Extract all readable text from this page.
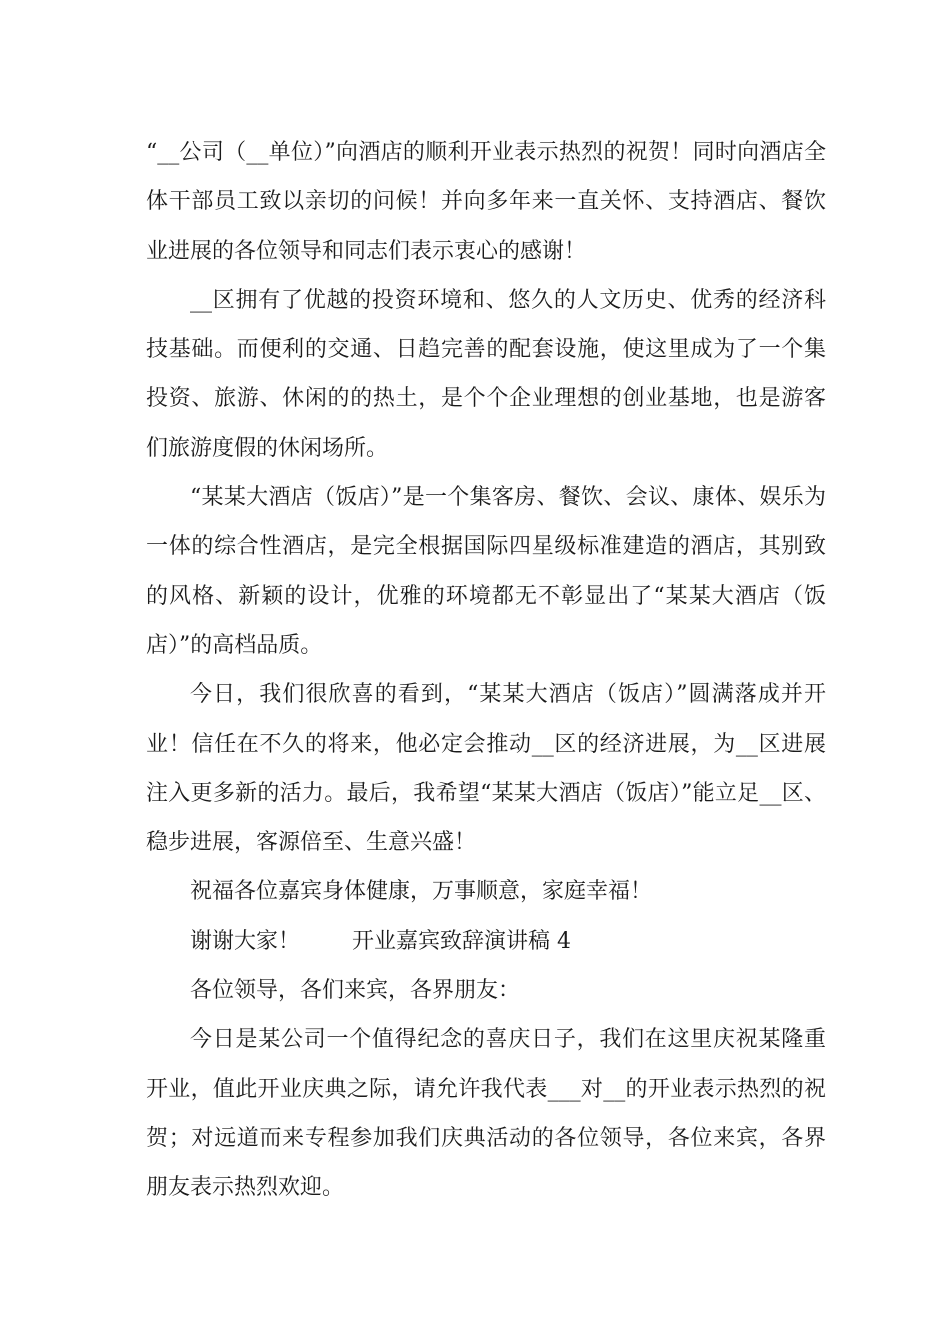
“__公司（__单位）”向酒店的顺利开业表示热烈的祝贺！同时向酒店全体干部员工致以亲切的问候！并向多年来一直关怀、支持酒店、餐饮业进展的各位领导和同志们表示衷心的感谢！

__区拥有了优越的投资环境和、悠久的人文历史、优秀的经济科技基础。而便利的交通、日趋完善的配套设施，使这里成为了一个集投资、旅游、休闲的的热土，是个个企业理想的创业基地，也是游客们旅游度假的休闲场所。

“某某大酒店（饭店）”是一个集客房、餐饮、会议、康体、娱乐为一体的综合性酒店，是完全根据国际四星级标准建造的酒店，其别致的风格、新颖的设计，优雅的环境都无不彰显出了“某某大酒店（饭店）”的高档品质。

今日，我们很欣喜的看到，“某某大酒店（饭店）”圆满落成并开业！信任在不久的将来，他必定会推动__区的经济进展，为__区进展注入更多新的活力。最后，我希望“某某大酒店（饭店）”能立足__区、稳步进展，客源倍至、生意兴盛！

祝福各位嘉宾身体健康，万事顺意，家庭幸福！

谢谢大家！ 开业嘉宾致辞演讲稿 4

各位领导，各们来宾，各界朋友：

今日是某公司一个值得纪念的喜庆日子，我们在这里庆祝某隆重开业，值此开业庆典之际，请允许我代表___对__的开业表示热烈的祝贺；对远道而来专程参加我们庆典活动的各位领导，各位来宾，各界朋友表示热烈欢迎。
